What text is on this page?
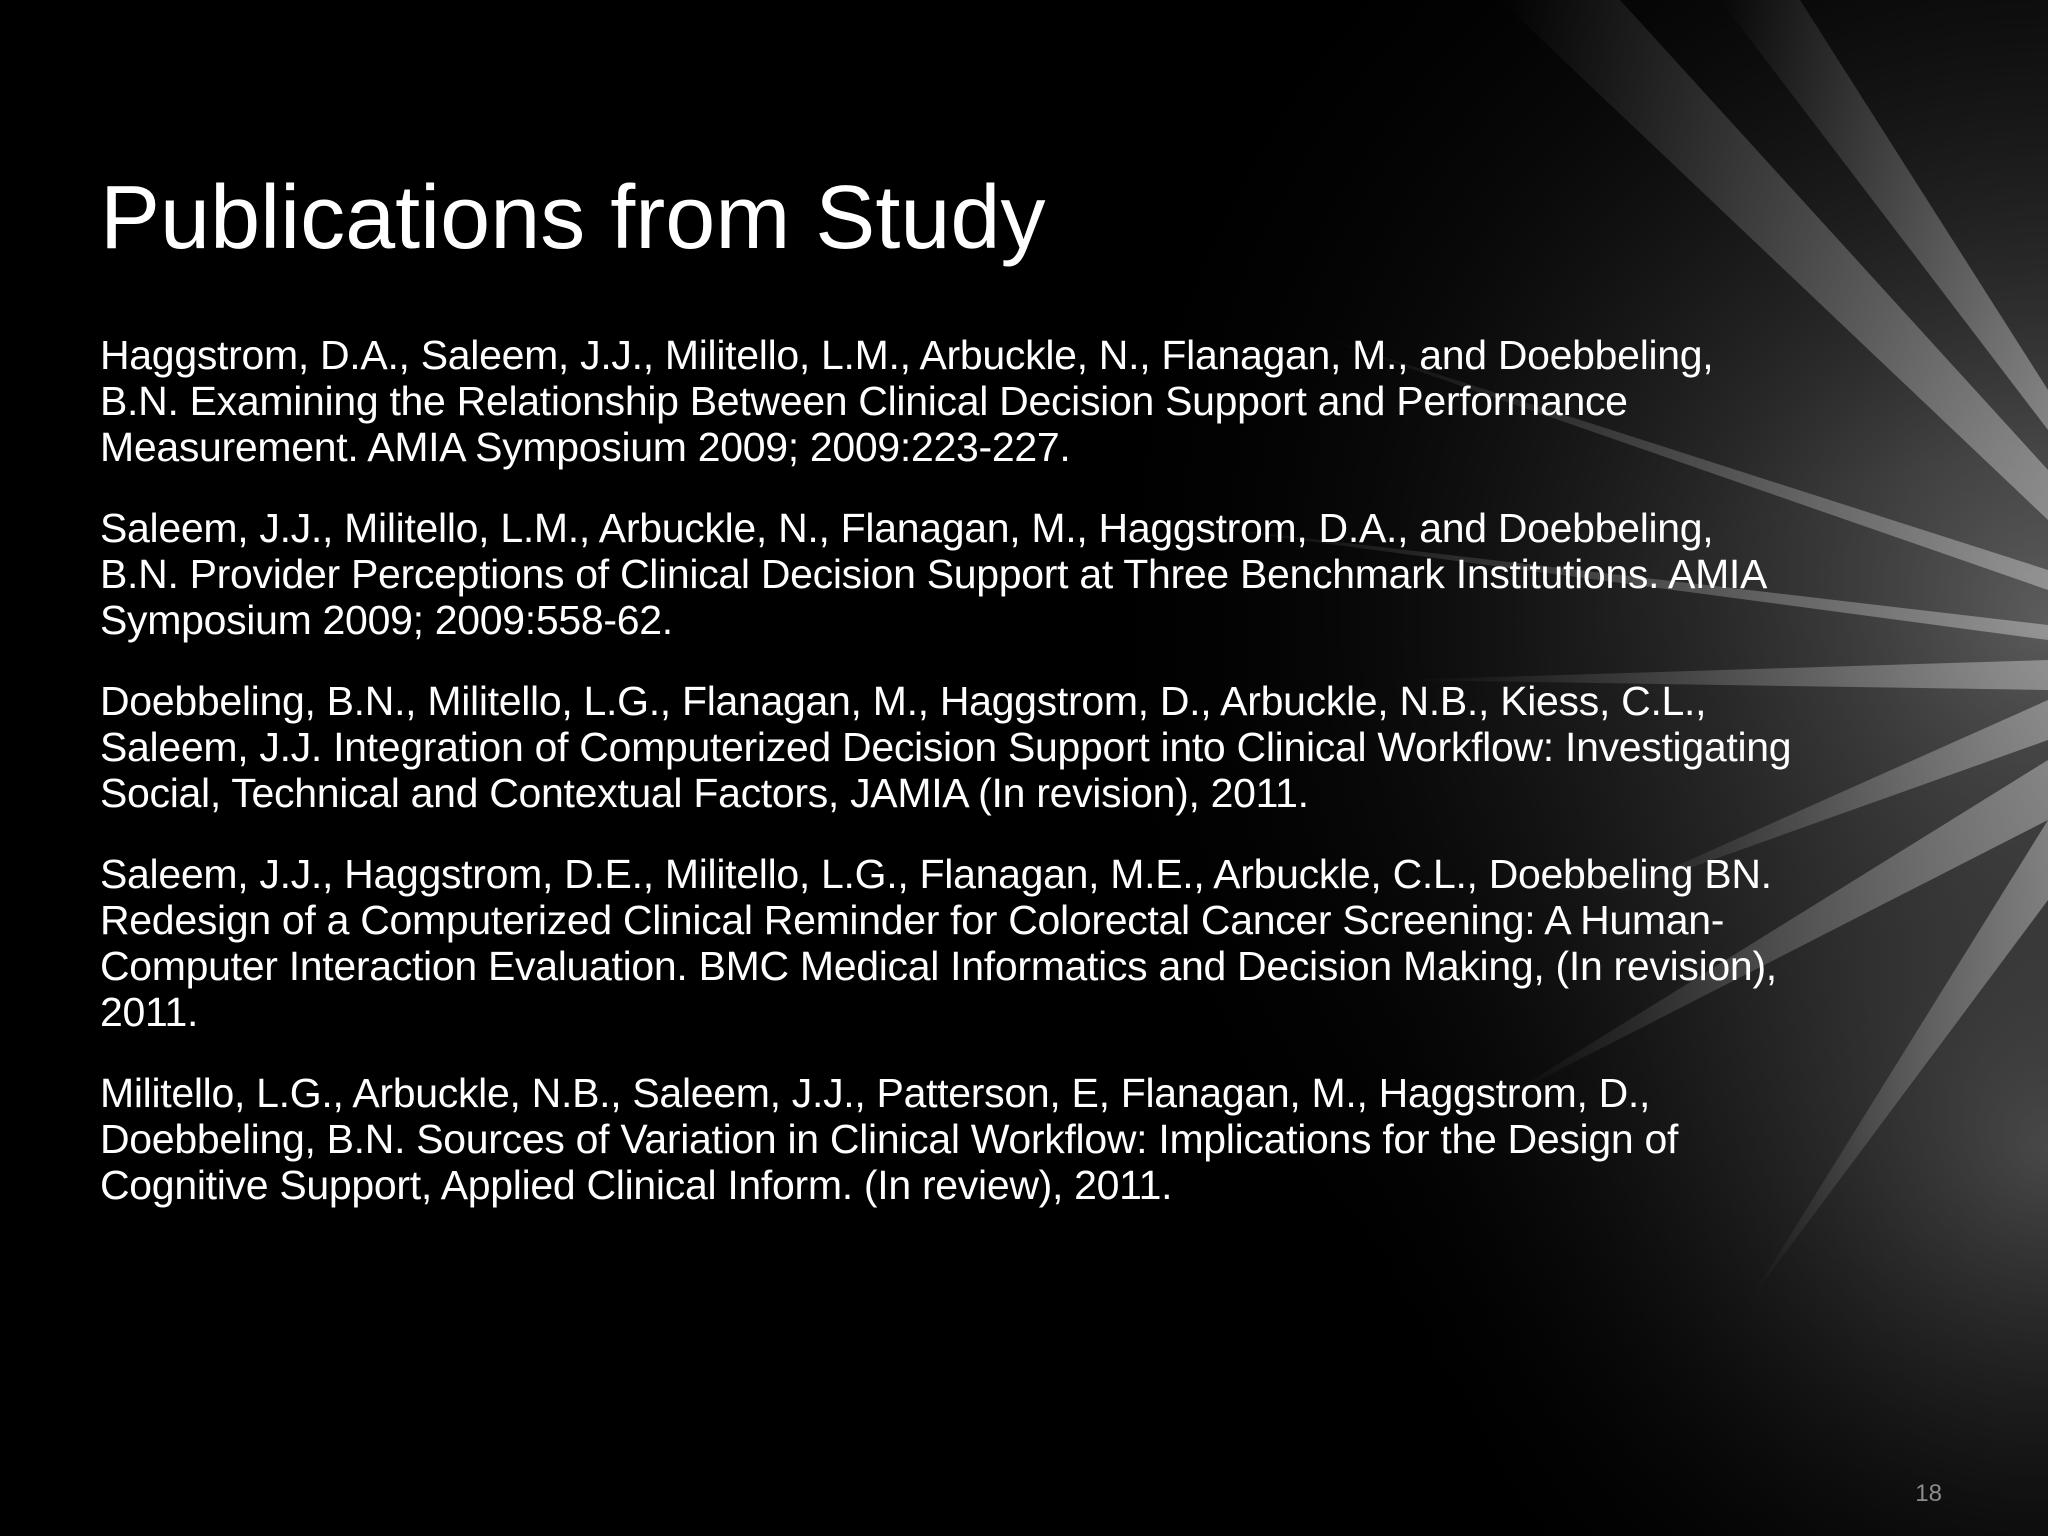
Publications from Study
Haggstrom, D.A., Saleem, J.J., Militello, L.M., Arbuckle, N., Flanagan, M., and Doebbeling, B.N. Examining the Relationship Between Clinical Decision Support and Performance Measurement. AMIA Symposium 2009; 2009:223-227.
Saleem, J.J., Militello, L.M., Arbuckle, N., Flanagan, M., Haggstrom, D.A., and Doebbeling, B.N. Provider Perceptions of Clinical Decision Support at Three Benchmark Institutions. AMIA Symposium 2009; 2009:558-62.
Doebbeling, B.N., Militello, L.G., Flanagan, M., Haggstrom, D., Arbuckle, N.B., Kiess, C.L., Saleem, J.J. Integration of Computerized Decision Support into Clinical Workflow: Investigating Social, Technical and Contextual Factors, JAMIA (In revision), 2011.
Saleem, J.J., Haggstrom, D.E., Militello, L.G., Flanagan, M.E., Arbuckle, C.L., Doebbeling BN. Redesign of a Computerized Clinical Reminder for Colorectal Cancer Screening: A Human-Computer Interaction Evaluation. BMC Medical Informatics and Decision Making, (In revision), 2011.
Militello, L.G., Arbuckle, N.B., Saleem, J.J., Patterson, E, Flanagan, M., Haggstrom, D., Doebbeling, B.N. Sources of Variation in Clinical Workflow: Implications for the Design of Cognitive Support, Applied Clinical Inform. (In review), 2011.
18
